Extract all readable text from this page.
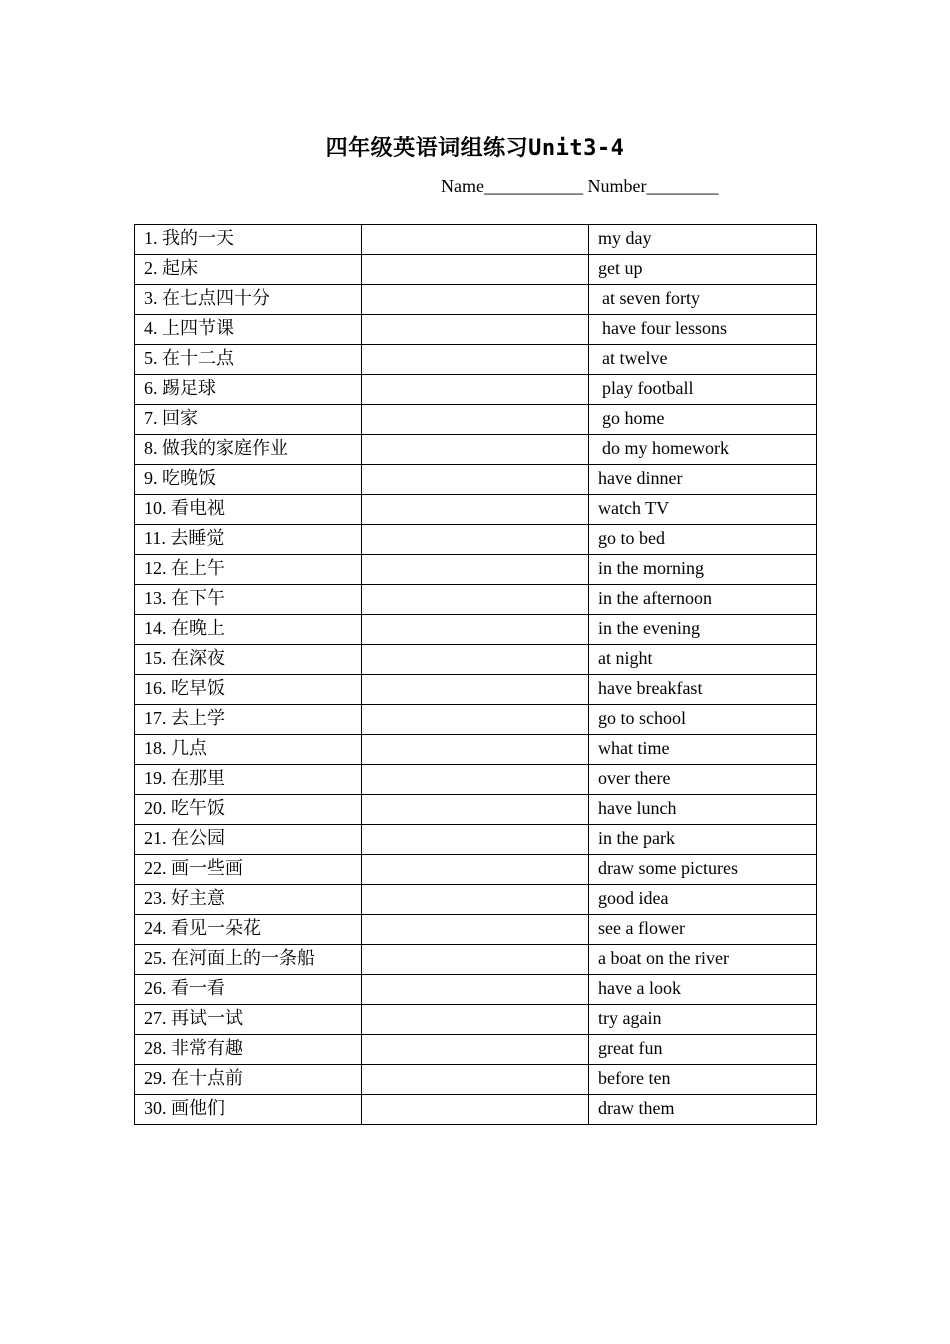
四年级英语词组练习Unit3-4
Name___________ Number________
1. 我的一天		my day
2. 起床		get up
3. 在七点四十分		at seven forty
4. 上四节课		have four lessons
5. 在十二点		at twelve
6. 踢足球		play football
7. 回家		go home
8. 做我的家庭作业		do my homework
9. 吃晚饭		have dinner
10. 看电视		watch TV
11. 去睡觉		go to bed
12. 在上午		in the morning
13. 在下午		in the afternoon
14. 在晚上		in the evening
15. 在深夜		at night
16. 吃早饭		have breakfast
17. 去上学		go to school
18. 几点		what time
19. 在那里		over there
20. 吃午饭		have lunch
21. 在公园		in the park
22. 画一些画		draw some pictures
23. 好主意		good idea
24. 看见一朵花		see a flower
25. 在河面上的一条船		a boat on the river
26. 看一看		have a look
27. 再试一试		try again
28. 非常有趣		great fun
29. 在十点前		before ten
30. 画他们		draw them
